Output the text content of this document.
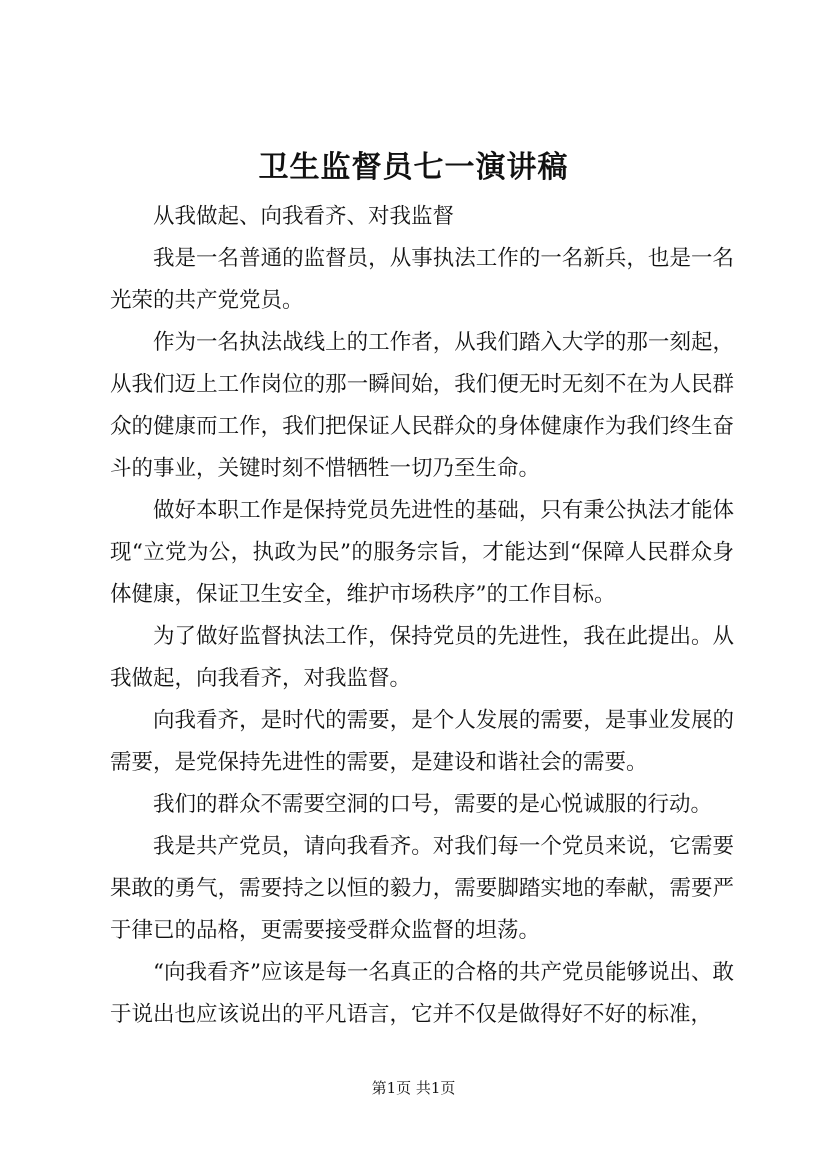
卫生监督员七一演讲稿

从我做起、向我看齐、对我监督

我是一名普通的监督员，从事执法工作的一名新兵，也是一名光荣的共产党党员。

作为一名执法战线上的工作者，从我们踏入大学的那一刻起，从我们迈上工作岗位的那一瞬间始，我们便无时无刻不在为人民群众的健康而工作，我们把保证人民群众的身体健康作为我们终生奋斗的事业，关键时刻不惜牺牲一切乃至生命。

做好本职工作是保持党员先进性的基础，只有秉公执法才能体现“立党为公，执政为民”的服务宗旨，才能达到“保障人民群众身体健康，保证卫生安全，维护市场秩序”的工作目标。

为了做好监督执法工作，保持党员的先进性，我在此提出。从我做起，向我看齐，对我监督。

向我看齐，是时代的需要，是个人发展的需要，是事业发展的需要，是党保持先进性的需要，是建设和谐社会的需要。

我们的群众不需要空洞的口号，需要的是心悦诚服的行动。

我是共产党员，请向我看齐。对我们每一个党员来说，它需要果敢的勇气，需要持之以恒的毅力，需要脚踏实地的奉献，需要严于律已的品格，更需要接受群众监督的坦荡。

“向我看齐”应该是每一名真正的合格的共产党员能够说出、敢于说出也应该说出的平凡语言，它并不仅是做得好不好的标准，

第1页 共1页
